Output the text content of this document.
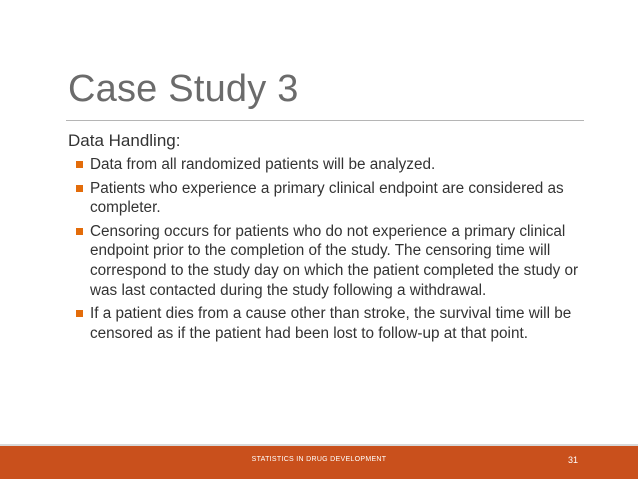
Case Study 3
Data Handling:
Data from all randomized patients will be analyzed.
Patients who experience a primary clinical endpoint are considered as completer.
Censoring occurs for patients who do not experience a primary clinical endpoint prior to the completion of the study. The censoring time will correspond to the study day on which the patient completed the study or was last contacted during the study following a withdrawal.
If a patient dies from a cause other than stroke, the survival time will be censored as if the patient had been lost to follow-up at that point.
STATISTICS IN DRUG DEVELOPMENT	31
